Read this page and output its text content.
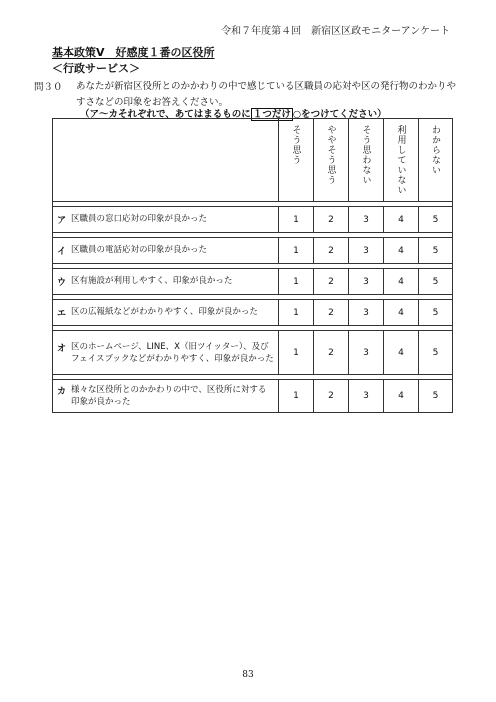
令和７年度第４回　新宿区区政モニターアンケート
基本政策Ⅴ　好感度１番の区役所
＜行政サービス＞
問３０ あなたが新宿区役所とのかかわりの中で感じている区職員の応対や区の発行物のわかりやすさなどの印象をお答えください。
（ア～カそれぞれで、あてはまるものに １つだけ ○をつけてください）

	そう思う	ややそう思う	そう思わない	利用していない	わからない

ア 区職員の窓口応対の印象が良かった	1	2	3	4	5

イ 区職員の電話応対の印象が良かった	1	2	3	4	5

ウ 区有施設が利用しやすく、印象が良かった	1	2	3	4	5

エ 区の広報紙などがわかりやすく、印象が良かった	1	2	3	4	5

オ 区のホームページ、LINE、X（旧ツイッター）、及びフェイスブックなどがわかりやすく、印象が良かった	1	2	3	4	5

カ 様々な区役所とのかかわりの中で、区役所に対する印象が良かった	1	2	3	4	5
83
